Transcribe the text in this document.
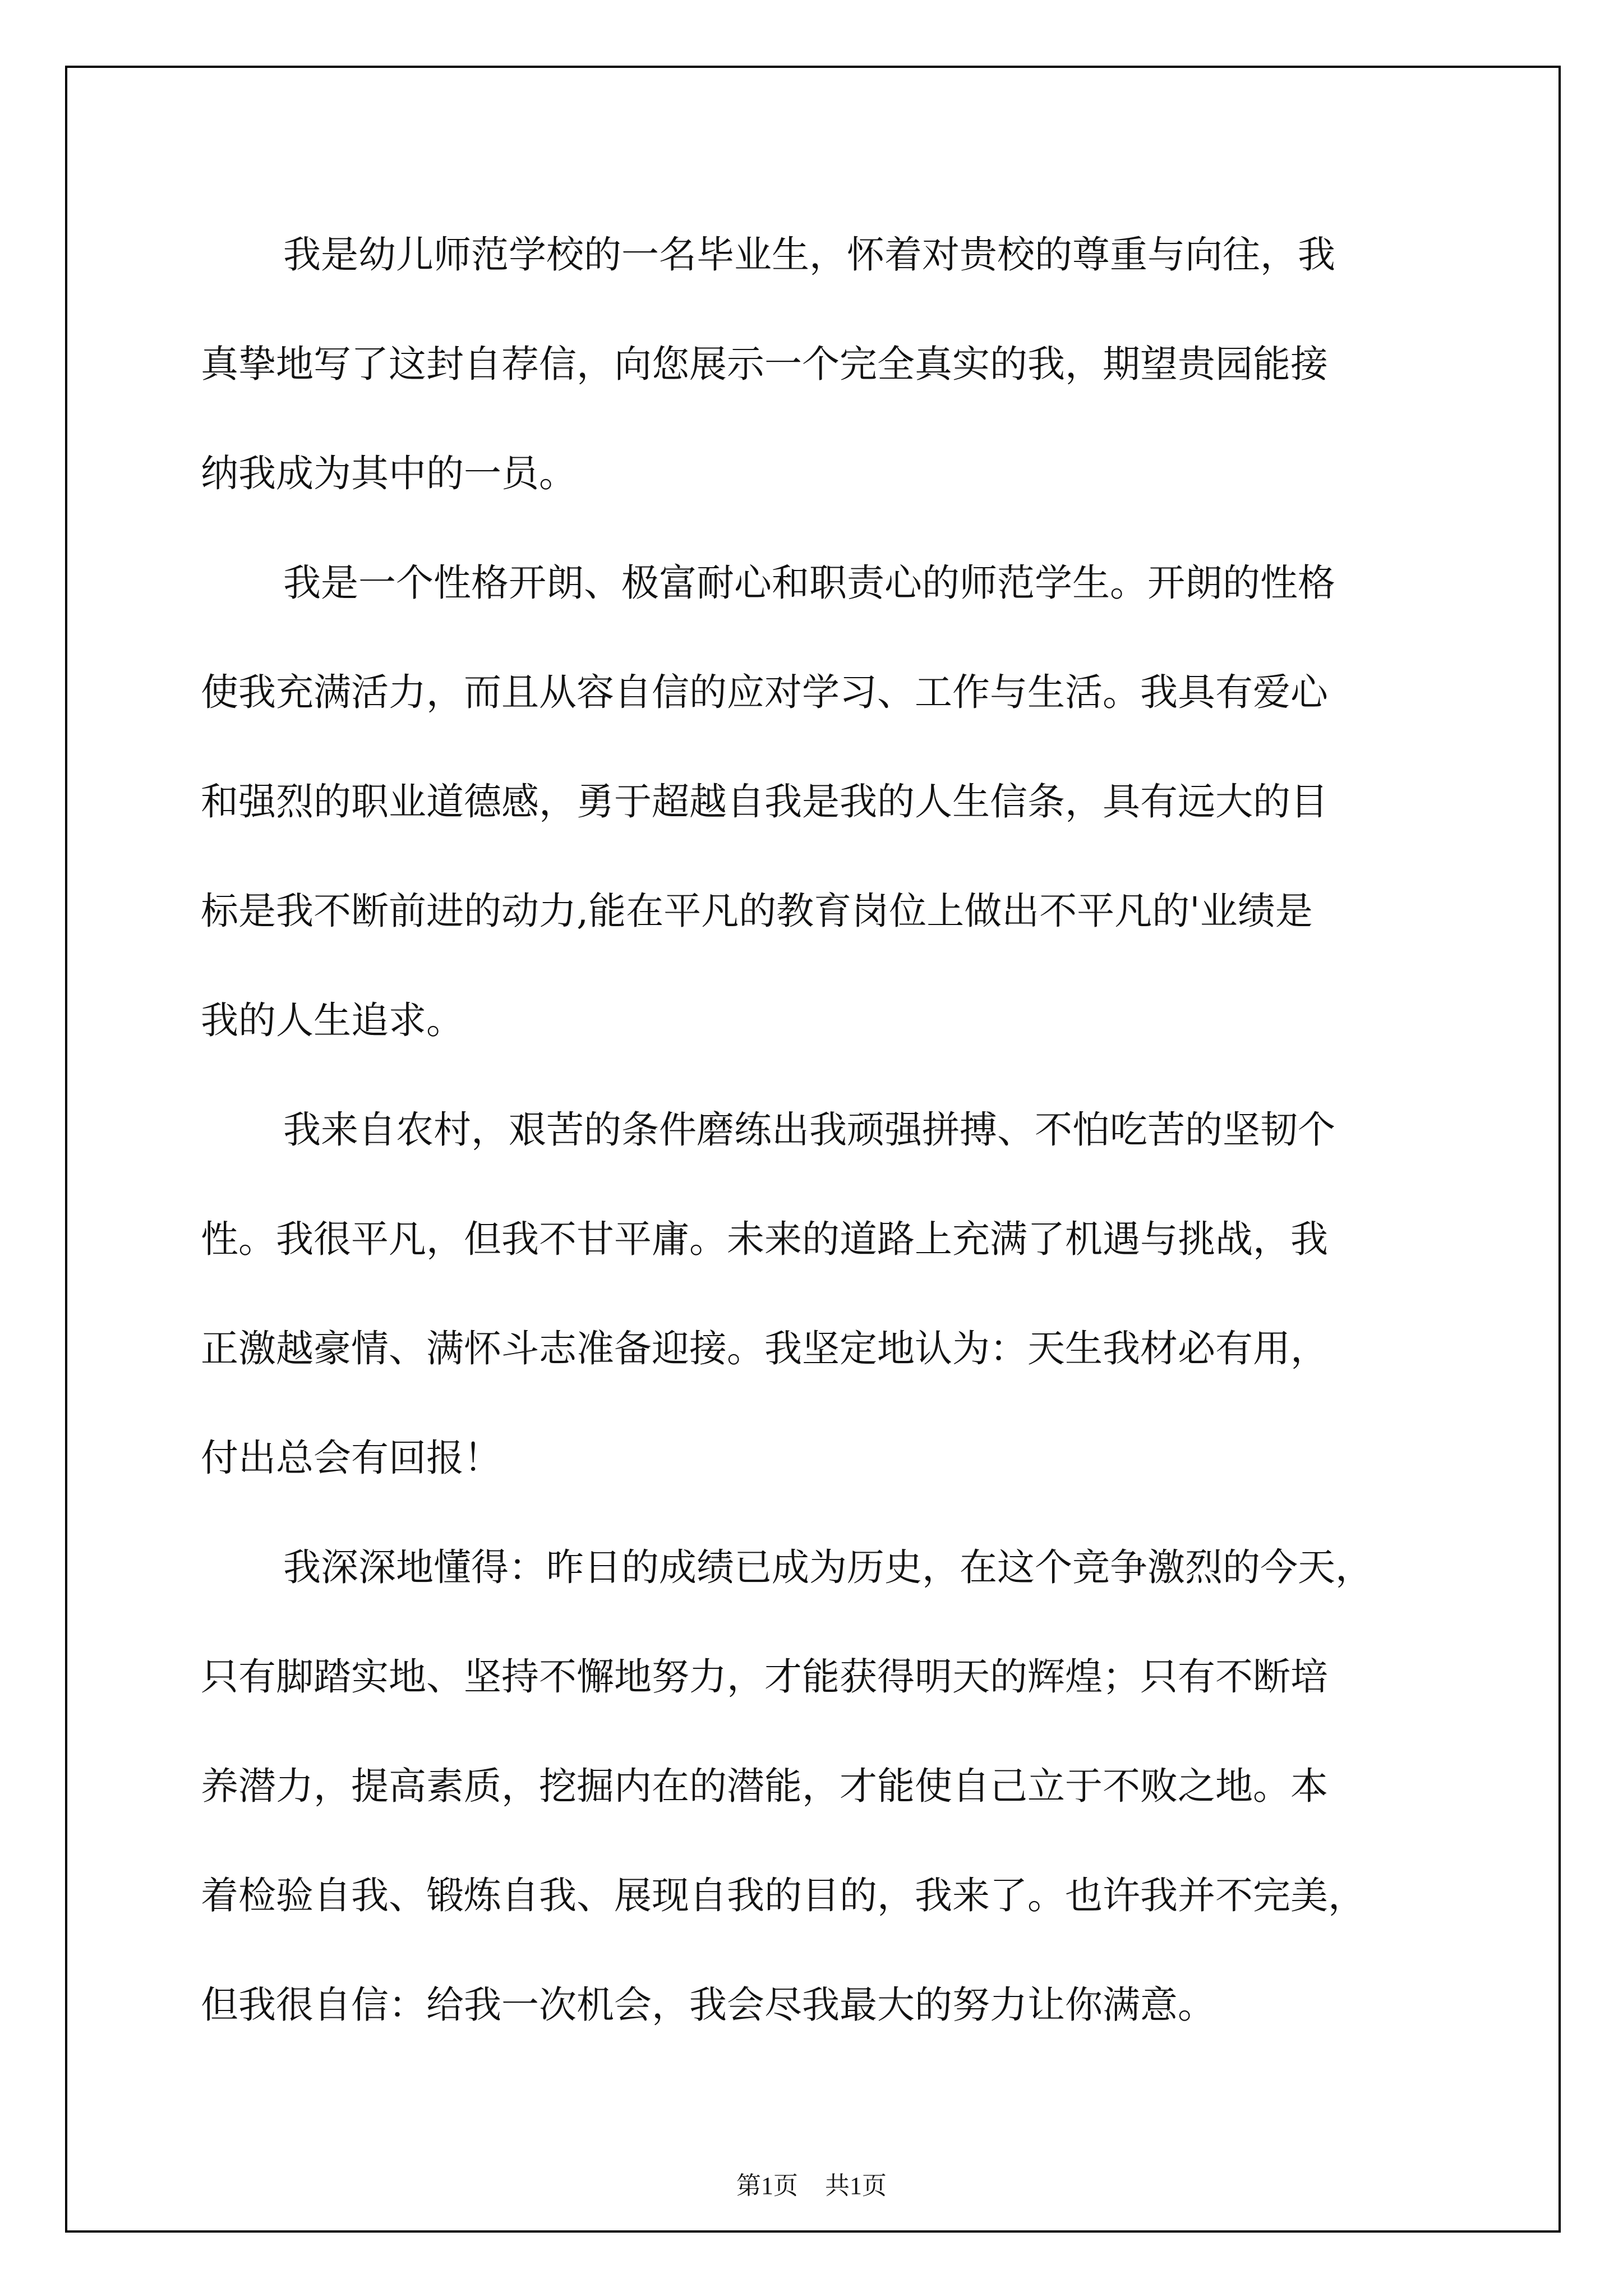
我是幼儿师范学校的一名毕业生，怀着对贵校的尊重与向往，我

真挚地写了这封自荐信，向您展示一个完全真实的我，期望贵园能接

纳我成为其中的一员。

我是一个性格开朗、极富耐心和职责心的师范学生。开朗的性格

使我充满活力，而且从容自信的应对学习、工作与生活。我具有爱心

和强烈的职业道德感，勇于超越自我是我的人生信条，具有远大的目

标是我不断前进的动力,能在平凡的教育岗位上做出不平凡的'业绩是

我的人生追求。

我来自农村，艰苦的条件磨练出我顽强拼搏、不怕吃苦的坚韧个

性。我很平凡，但我不甘平庸。未来的道路上充满了机遇与挑战，我

正激越豪情、满怀斗志准备迎接。我坚定地认为：天生我材必有用，

付出总会有回报！

我深深地懂得：昨日的成绩已成为历史，在这个竞争激烈的今天，

只有脚踏实地、坚持不懈地努力，才能获得明天的辉煌；只有不断培

养潜力，提高素质，挖掘内在的潜能，才能使自己立于不败之地。本

着检验自我、锻炼自我、展现自我的目的，我来了。也许我并不完美，

但我很自信：给我一次机会，我会尽我最大的努力让你满意。

第1页 共1页
